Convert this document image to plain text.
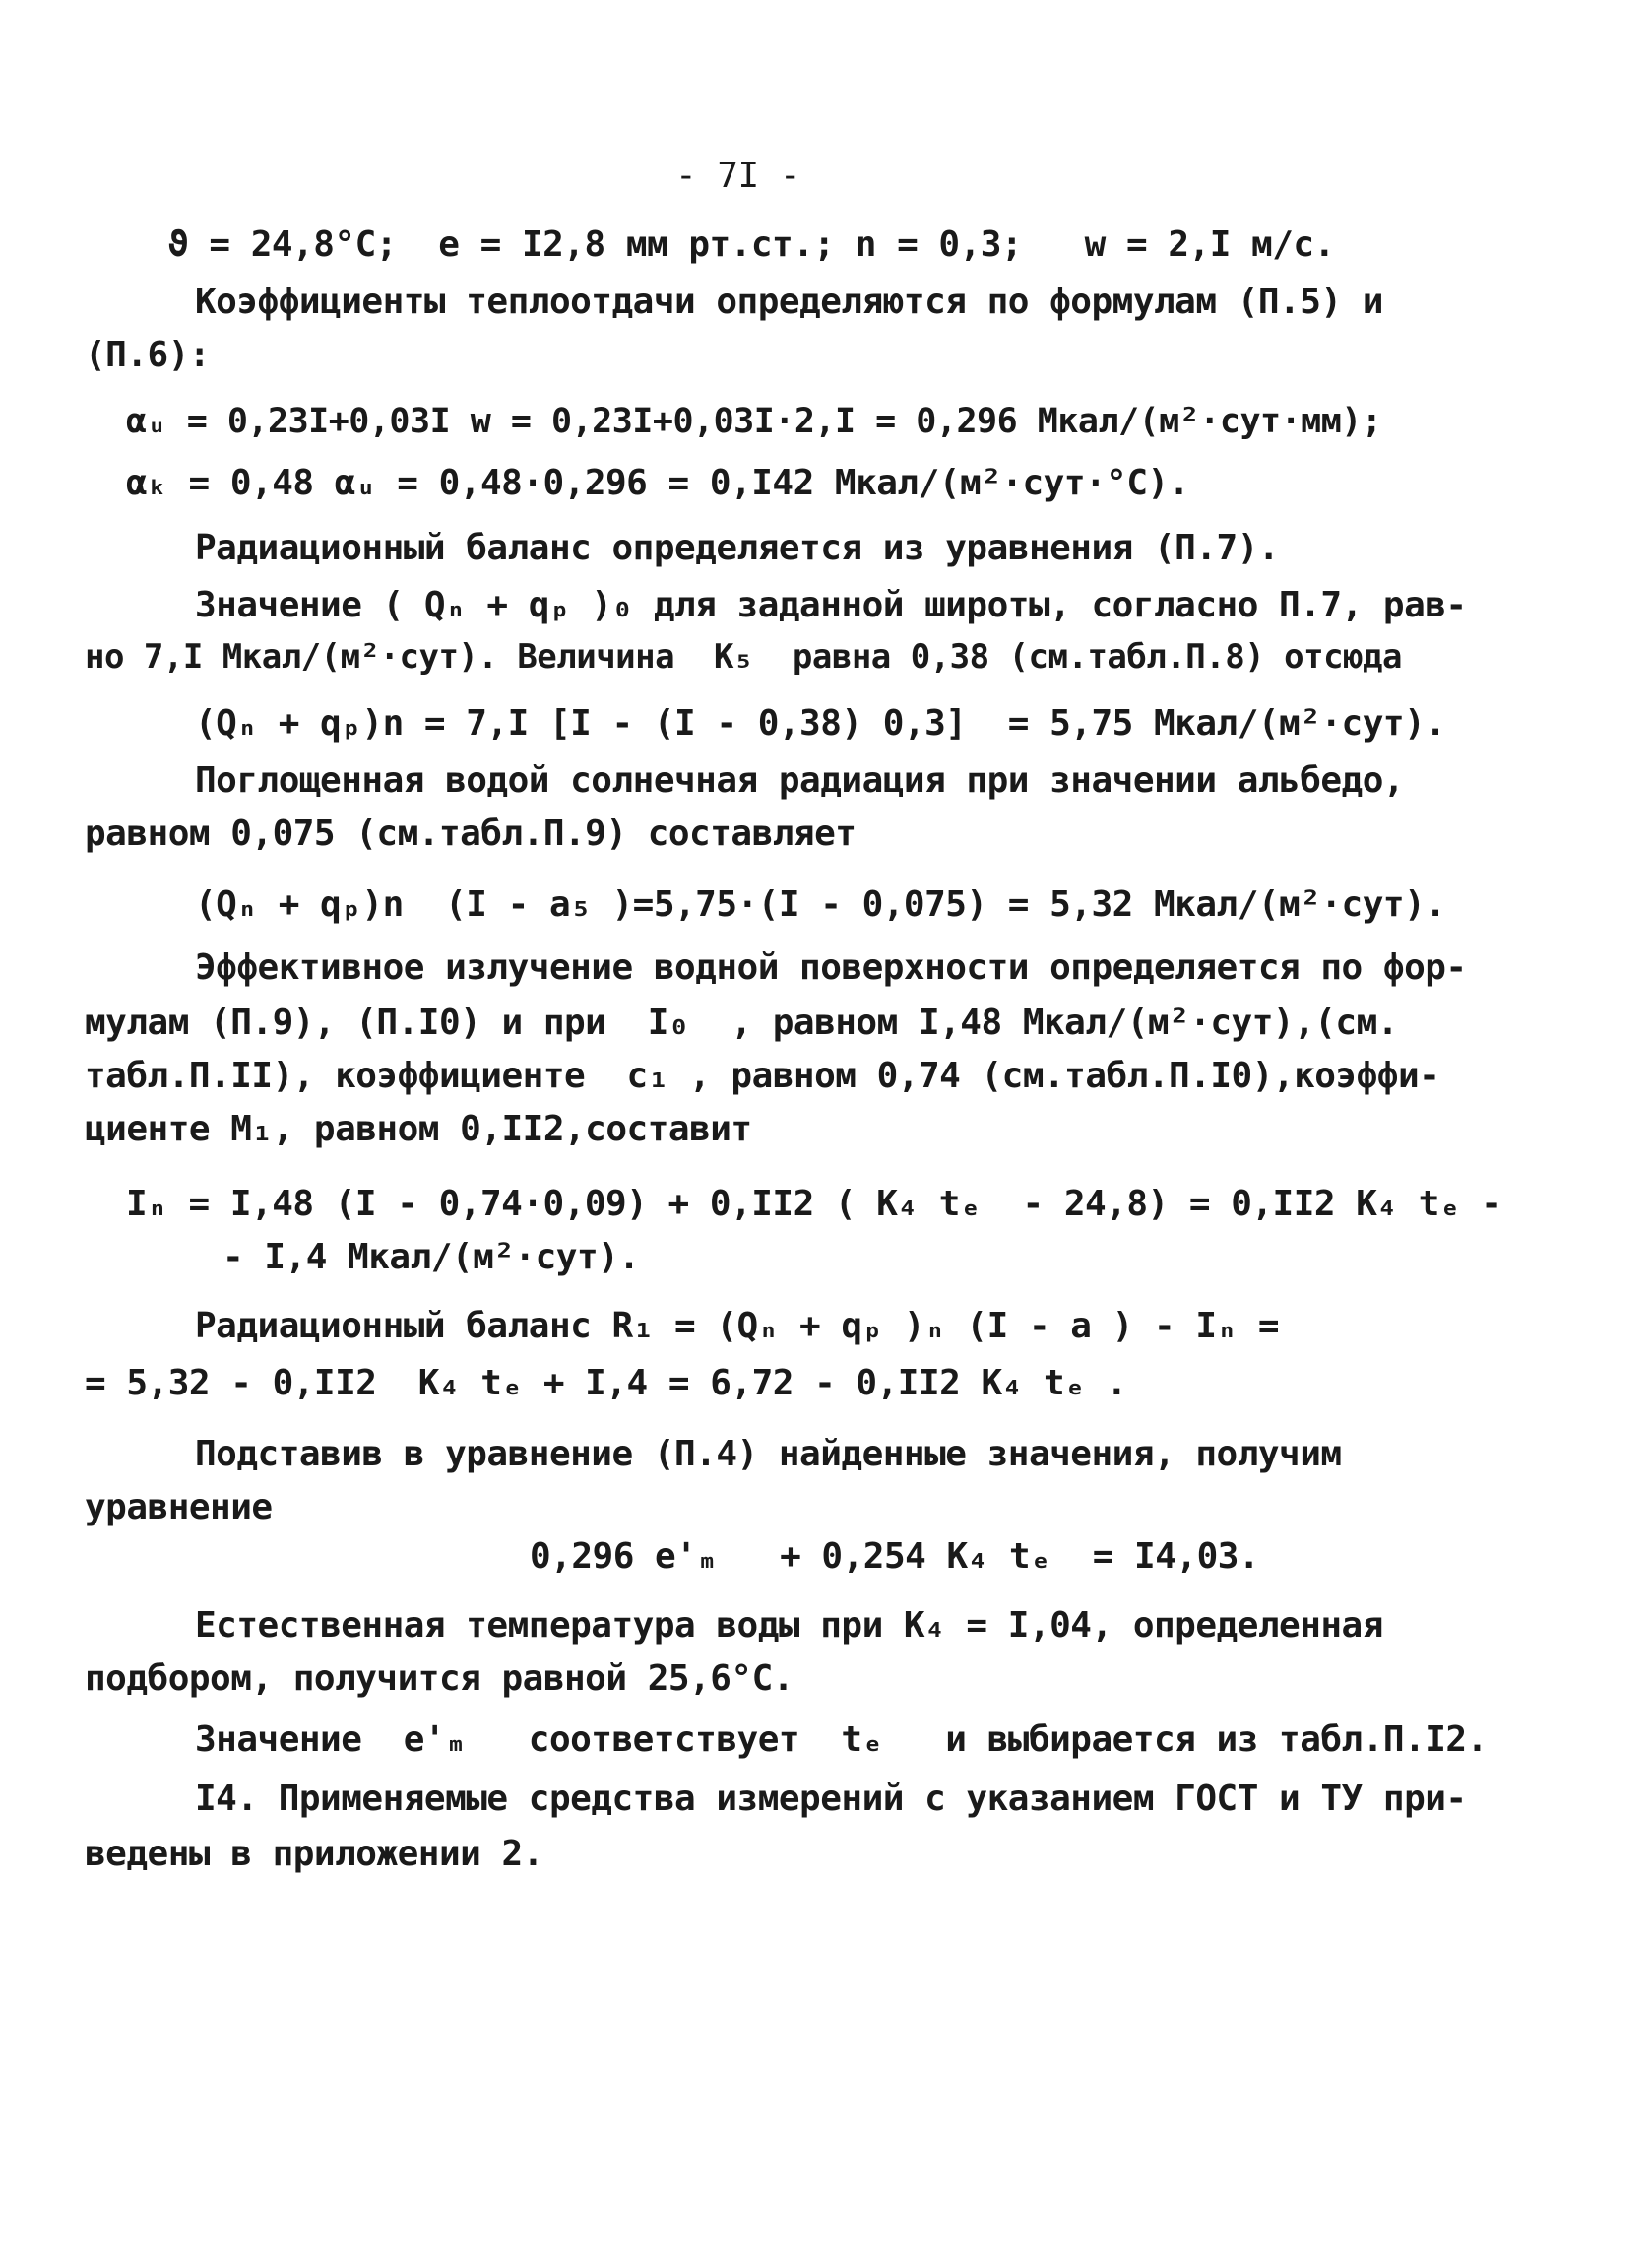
- 7I -
ϑ = 24,8°C;  e = I2,8 мм рт.ст.; n = 0,3;   w = 2,I м/с.
Коэффициенты теплоотдачи определяются по формулам (П.5) и
(П.6):
αᵤ = 0,23I+0,03I w = 0,23I+0,03I·2,I = 0,296 Мкал/(м²·сут·мм);
αₖ = 0,48 αᵤ = 0,48·0,296 = 0,I42 Мкал/(м²·сут·°C).
Радиационный баланс определяется из уравнения (П.7).
Значение ( Qₙ + qₚ )₀ для заданной широты, согласно П.7, рав-
но 7,I Мкал/(м²·сут). Величина  K₅  равна 0,38 (см.табл.П.8) отсюда
(Qₙ + qₚ)n = 7,I [I - (I - 0,38) 0,3]  = 5,75 Мкал/(м²·сут).
Поглощенная водой солнечная радиация при значении альбедо,
равном 0,075 (см.табл.П.9) составляет
(Qₙ + qₚ)n  (I - a₅ )=5,75·(I - 0,075) = 5,32 Мкал/(м²·сут).
Эффективное излучение водной поверхности определяется по фор-
мулам (П.9), (П.I0) и при  I₀  , равном I,48 Мкал/(м²·сут),(см.
табл.П.II), коэффициенте  c₁ , равном 0,74 (см.табл.П.I0),коэффи-
циенте M₁, равном 0,II2,составит
Iₙ = I,48 (I - 0,74·0,09) + 0,II2 ( K₄ tₑ  - 24,8) = 0,II2 K₄ tₑ -
- I,4 Мкал/(м²·сут).
Радиационный баланс R₁ = (Qₙ + qₚ )ₙ (I - a ) - Iₙ =
= 5,32 - 0,II2  K₄ tₑ + I,4 = 6,72 - 0,II2 K₄ tₑ .
Подставив в уравнение (П.4) найденные значения, получим
уравнение
0,296 e'ₘ   + 0,254 K₄ tₑ  = I4,03.
Естественная температура воды при K₄ = I,04, определенная
подбором, получится равной 25,6°C.
Значение  e'ₘ   соответствует  tₑ   и выбирается из табл.П.I2.
I4. Применяемые средства измерений с указанием ГОСТ и ТУ при-
ведены в приложении 2.
